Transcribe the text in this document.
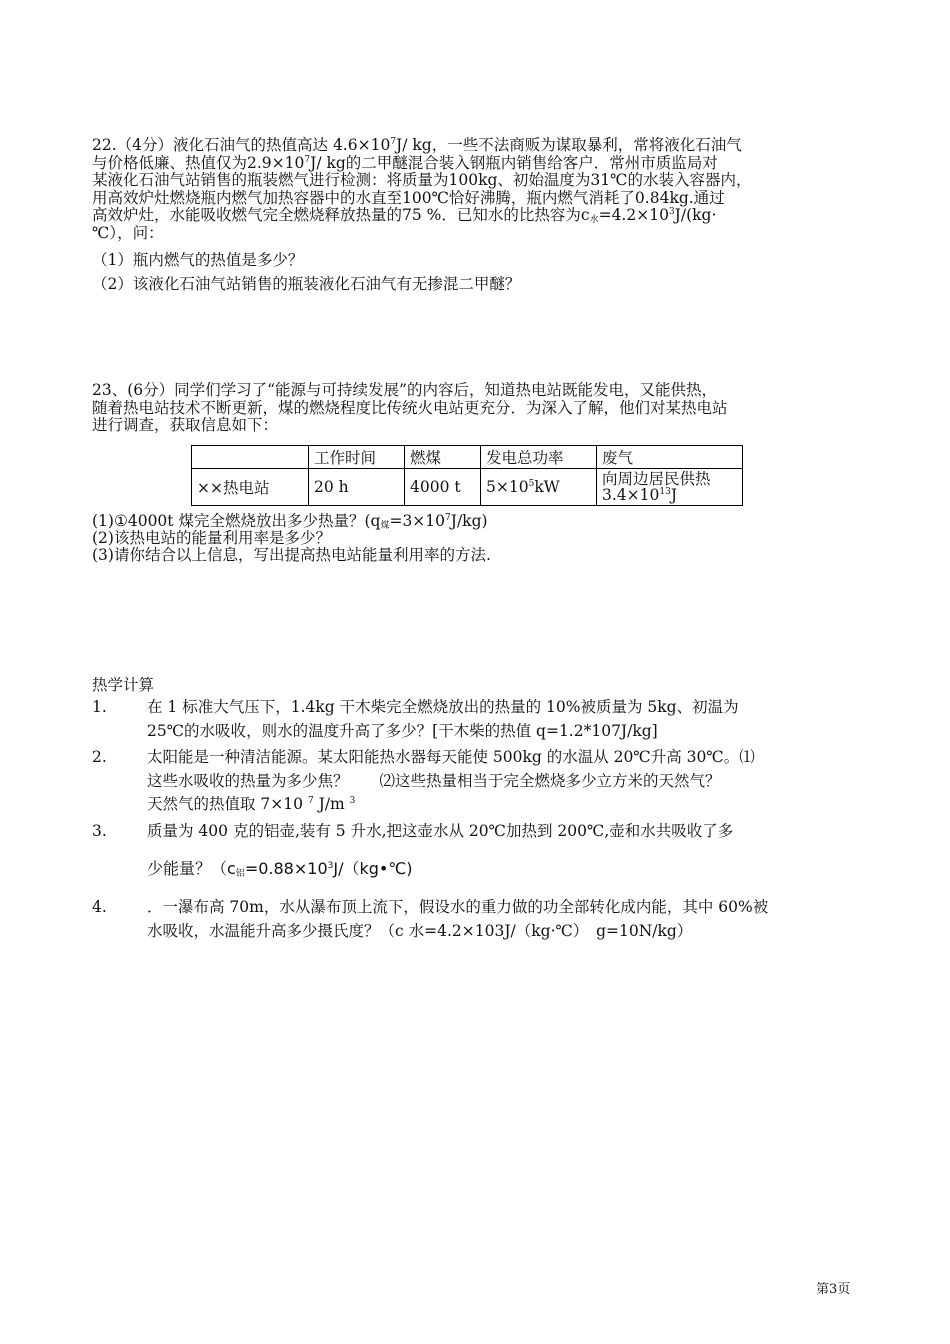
22.（4分）液化石油气的热值高达 $4.6\times 10^7J/$ kg，一些不法商贩为谋取暴利，常将液化石油气
与价格低廉、热值仅为$2.9\times 10^7J/$ kg的二甲醚混合装入钢瓶内销售给客户．常州市质监局对
某液化石油气站销售的瓶装燃气进行检测：将质量为100kg、初始温度为31℃的水装入容器内，
用高效炉灶燃烧瓶内燃气加热容器中的水直至100℃恰好沸腾，瓶内燃气消耗了0.84kg.通过
高效炉灶，水能吸收燃气完全燃烧释放热量的75 %．已知水的比热容为$c_水=4.2\times 10^3J/(kg\cdot$
℃），问：
（1）瓶内燃气的热值是多少？
（2）该液化石油气站销售的瓶装液化石油气有无掺混二甲醚？
23、(6分）同学们学习了“能源与可持续发展”的内容后，知道热电站既能发电，又能供热，
随着热电站技术不断更新，煤的燃烧程度比传统火电站更充分．为深入了解，他们对某热电站
进行调查，获取信息如下：
	工作时间	燃煤	发电总功率	废气
××热电站	20 h	4000 t	$5\times 10^5kW$	向周边居民供热
$3.4\times 10^{13}J$
(1)①4000t 煤完全燃烧放出多少热量？$(q_煤=3\times 10^7J/kg)$
(2)该热电站的能量利用率是多少？
(3)请你结合以上信息，写出提高热电站能量利用率的方法.
热学计算
1.	在 1 标准大气压下，1.4kg 干木柴完全燃烧放出的热量的 10%被质量为 5kg、初温为
25℃的水吸收，则水的温度升高了多少？[干木柴的热值 q=1.2*107J/kg]
2.	太阳能是一种清洁能源。某太阳能热水器每天能使 500kg 的水温从 20℃升高 30℃。⑴
这些水吸收的热量为多少焦？　　⑵这些热量相当于完全燃烧多少立方米的天然气？
天然气的热值取 7×10 $^7$ J/m $^3$
3.	质量为 400 克的铝壶,装有 5 升水,把这壶水从 20℃加热到 200℃,壶和水共吸收了多
少能量？（$c_铝=0.88\times 10^3J/(kg•℃)$
4.	．一瀑布高 70m，水从瀑布顶上流下，假设水的重力做的功全部转化成内能，其中 60%被
水吸收，水温能升高多少摄氏度？（c 水=4.2×103J/（kg·℃）　g=10N/kg）
第3页
